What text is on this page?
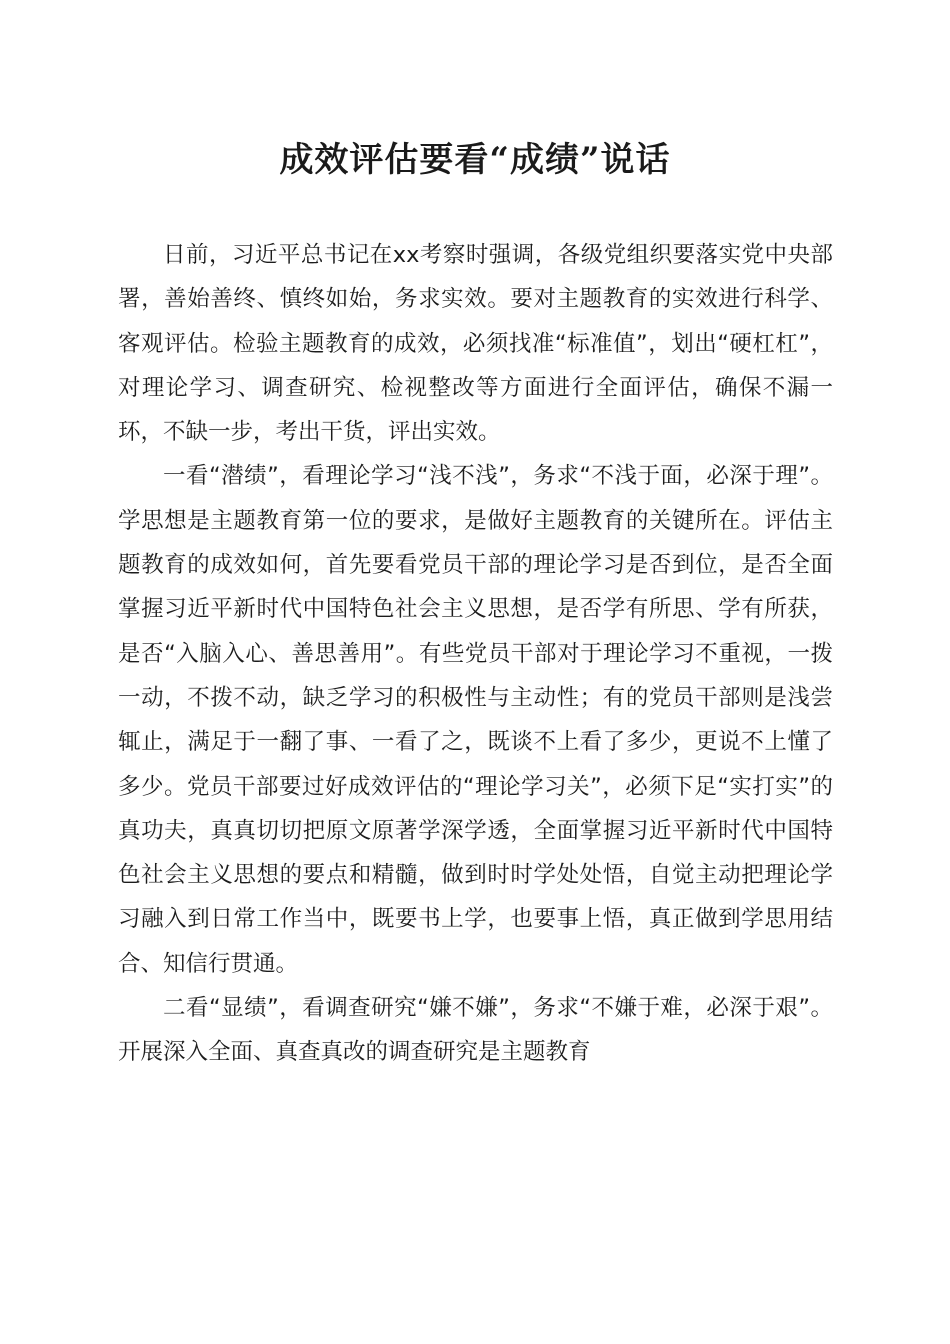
成效评估要看“成绩”说话

日前，习近平总书记在xx考察时强调，各级党组织要落实党中央部署，善始善终、慎终如始，务求实效。要对主题教育的实效进行科学、客观评估。检验主题教育的成效，必须找准“标准值”，划出“硬杠杠”，对理论学习、调查研究、检视整改等方面进行全面评估，确保不漏一环，不缺一步，考出干货，评出实效。

一看“潜绩”，看理论学习“浅不浅”，务求“不浅于面，必深于理”。学思想是主题教育第一位的要求，是做好主题教育的关键所在。评估主题教育的成效如何，首先要看党员干部的理论学习是否到位，是否全面掌握习近平新时代中国特色社会主义思想，是否学有所思、学有所获，是否“入脑入心、善思善用”。有些党员干部对于理论学习不重视，一拨一动，不拨不动，缺乏学习的积极性与主动性；有的党员干部则是浅尝辄止，满足于一翻了事、一看了之，既谈不上看了多少，更说不上懂了多少。党员干部要过好成效评估的“理论学习关”，必须下足“实打实”的真功夫，真真切切把原文原著学深学透，全面掌握习近平新时代中国特色社会主义思想的要点和精髓，做到时时学处处悟，自觉主动把理论学习融入到日常工作当中，既要书上学，也要事上悟，真正做到学思用结合、知信行贯通。

二看“显绩”，看调查研究“嫌不嫌”，务求“不嫌于难，必深于艰”。开展深入全面、真查真改的调查研究是主题教育
